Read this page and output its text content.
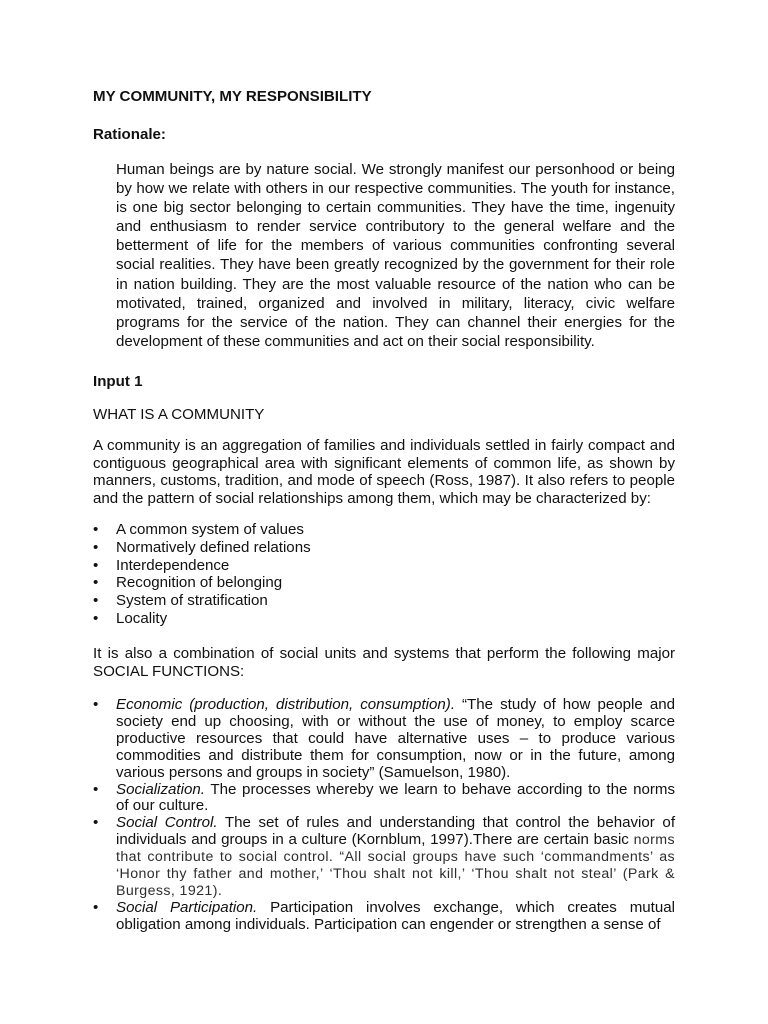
MY COMMUNITY, MY RESPONSIBILITY
Rationale:

Human beings are by nature social. We strongly manifest our personhood or being by how we relate with others in our respective communities. The youth for instance, is one big sector belonging to certain communities. They have the time, ingenuity and enthusiasm to render service contributory to the general welfare and the betterment of life for the members of various communities confronting several social realities. They have been greatly recognized by the government for their role in nation building. They are the most valuable resource of the nation who can be motivated, trained, organized and involved in military, literacy, civic welfare programs for the service of the nation. They can channel their energies for the development of these communities and act on their social responsibility.

Input 1
WHAT IS A COMMUNITY

A community is an aggregation of families and individuals settled in fairly compact and contiguous geographical area with significant elements of common life, as shown by manners, customs, tradition, and mode of speech (Ross, 1987). It also refers to people and the pattern of social relationships among them, which may be characterized by:

• A common system of values
• Normatively defined relations
• Interdependence
• Recognition of belonging
• System of stratification
• Locality

It is also a combination of social units and systems that perform the following major SOCIAL FUNCTIONS:

• Economic (production, distribution, consumption). “The study of how people and society end up choosing, with or without the use of money, to employ scarce productive resources that could have alternative uses – to produce various commodities and distribute them for consumption, now or in the future, among various persons and groups in society” (Samuelson, 1980).
• Socialization. The processes whereby we learn to behave according to the norms of our culture.
• Social Control. The set of rules and understanding that control the behavior of individuals and groups in a culture (Kornblum, 1997).There are certain basic norms that contribute to social control. “All social groups have such ‘commandments’ as ‘Honor thy father and mother,’ ‘Thou shalt not kill,’ ‘Thou shalt not steal’ (Park & Burgess, 1921).
• Social Participation. Participation involves exchange, which creates mutual obligation among individuals. Participation can engender or strengthen a sense of
